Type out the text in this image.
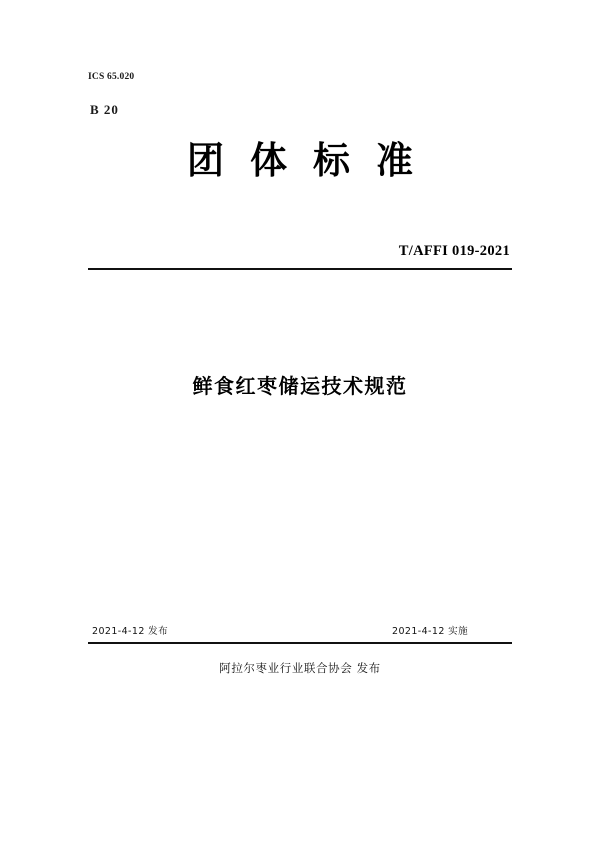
ICS 65.020
B 20
团体标准
T/AFFI 019-2021
鲜食红枣储运技术规范
2021-4-12 发布	2021-4-12 实施
阿拉尔枣业行业联合协会 发布
